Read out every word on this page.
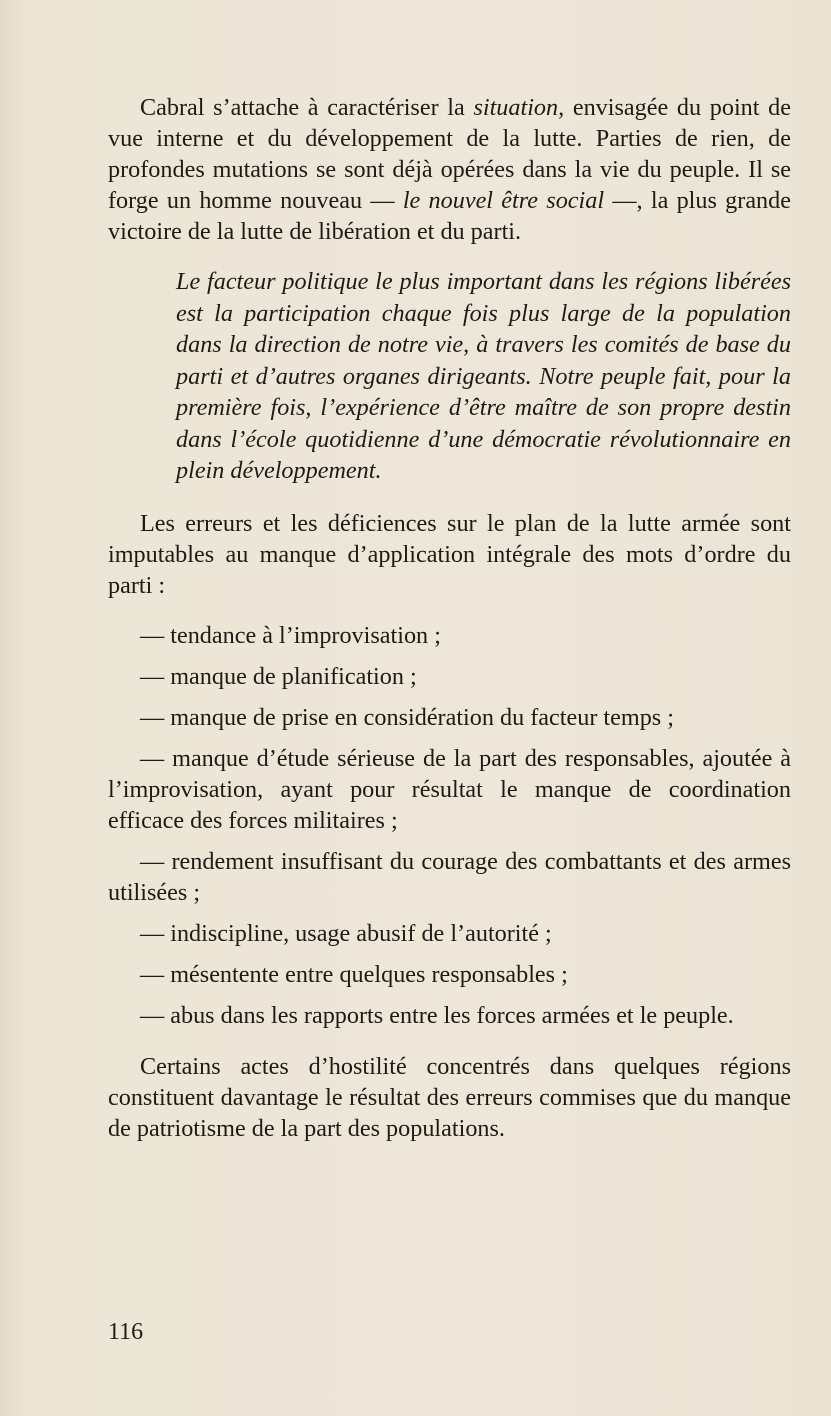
Cabral s’attache à caractériser la situation, envisagée du point de vue interne et du développement de la lutte. Parties de rien, de profondes mutations se sont déjà opérées dans la vie du peuple. Il se forge un homme nouveau — le nouvel être social —, la plus grande victoire de la lutte de libération et du parti.

Le facteur politique le plus important dans les régions libérées est la participation chaque fois plus large de la population dans la direction de notre vie, à travers les comités de base du parti et d’autres organes dirigeants. Notre peuple fait, pour la première fois, l’expérience d’être maître de son propre destin dans l’école quotidienne d’une démocratie révolutionnaire en plein développement.

Les erreurs et les déficiences sur le plan de la lutte armée sont imputables au manque d’application intégrale des mots d’ordre du parti :

— tendance à l’improvisation ;

— manque de planification ;

— manque de prise en considération du facteur temps ;

— manque d’étude sérieuse de la part des responsables, ajoutée à l’improvisation, ayant pour résultat le manque de coordination efficace des forces militaires ;

— rendement insuffisant du courage des combattants et des armes utilisées ;

— indiscipline, usage abusif de l’autorité ;

— mésentente entre quelques responsables ;

— abus dans les rapports entre les forces armées et le peuple.

Certains actes d’hostilité concentrés dans quelques régions constituent davantage le résultat des erreurs commises que du manque de patriotisme de la part des populations.

116
